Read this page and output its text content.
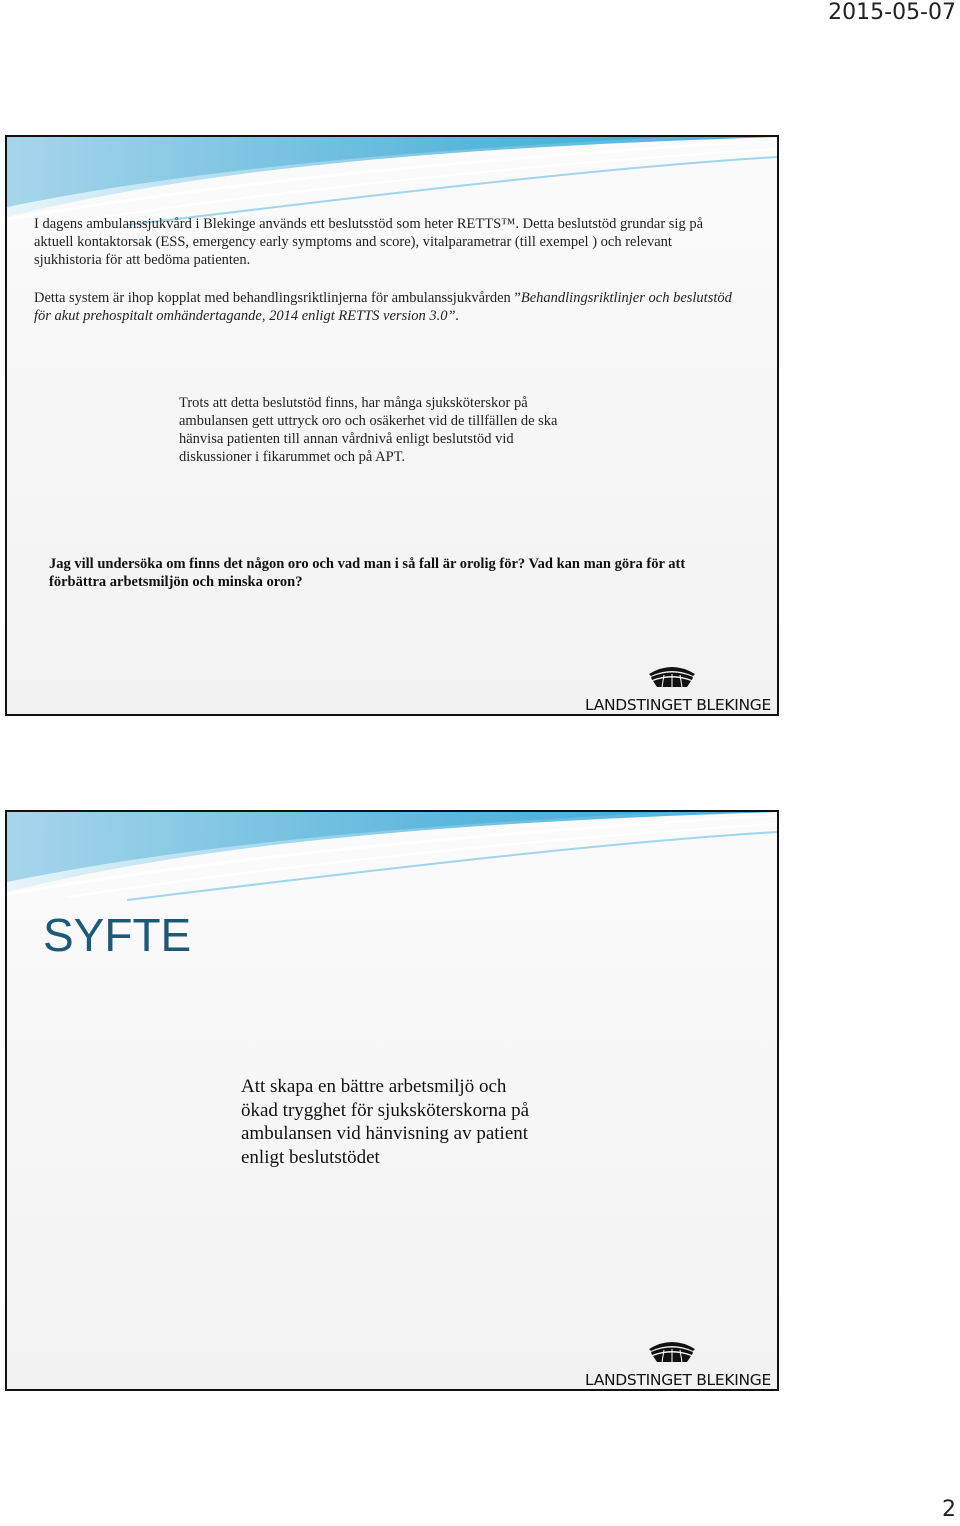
2015-05-07
I dagens ambulanssjukvård i Blekinge används ett beslutsstöd som heter RETTS™. Detta beslutstöd grundar sig på aktuell kontaktorsak (ESS, emergency early symptoms and score), vitalparametrar (till exempel ) och relevant sjukhistoria för att bedöma patienten.
Detta system är ihop kopplat med behandlingsriktlinjerna för ambulanssjukvården ”Behandlingsriktlinjer och beslutstöd för akut prehospitalt omhändertagande, 2014 enligt RETTS version 3.0”.
Trots att detta beslutstöd finns, har många sjuksköterskor på ambulansen gett uttryck oro och osäkerhet vid de tillfällen de ska hänvisa patienten till annan vårdnivå enligt beslutstöd vid diskussioner i fikarummet och på APT.
Jag vill undersöka om finns det någon oro och vad man i så fall är orolig för? Vad kan man göra för att förbättra arbetsmiljön och minska oron?
LANDSTINGET BLEKINGE
SYFTE
Att skapa en bättre arbetsmiljö och ökad trygghet för sjuksköterskorna på ambulansen vid hänvisning av patient enligt beslutstödet
LANDSTINGET BLEKINGE
2
